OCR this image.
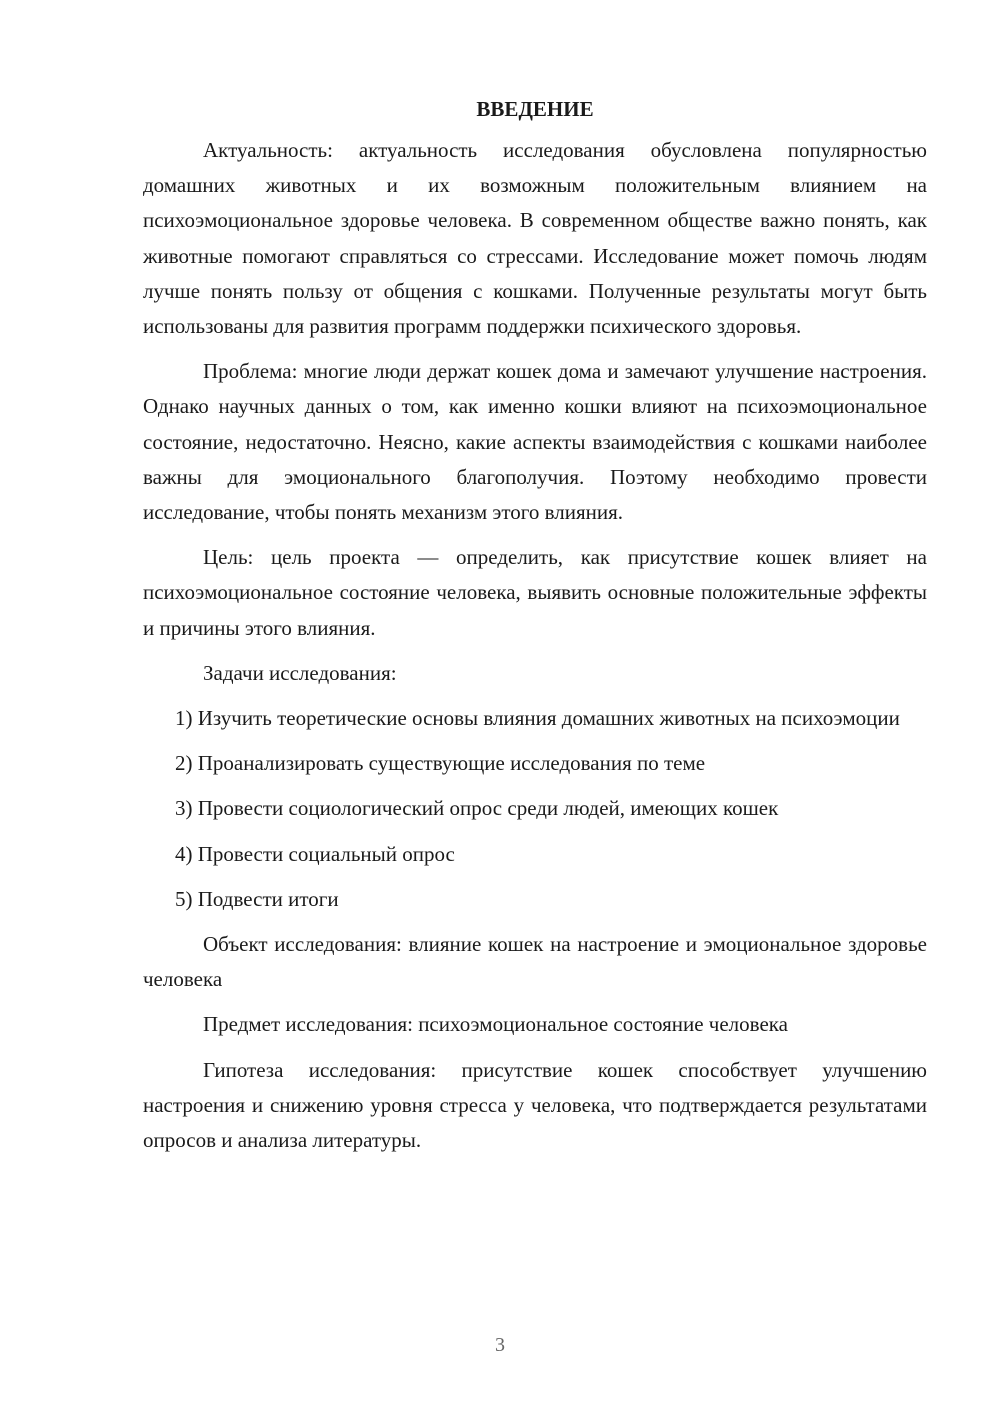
ВВЕДЕНИЕ

Актуальность: актуальность исследования обусловлена популярностью домашних животных и их возможным положительным влиянием на психоэмоциональное здоровье человека. В современном обществе важно понять, как животные помогают справляться со стрессами. Исследование может помочь людям лучше понять пользу от общения с кошками. Полученные результаты могут быть использованы для развития программ поддержки психического здоровья.

Проблема: многие люди держат кошек дома и замечают улучшение настроения. Однако научных данных о том, как именно кошки влияют на психоэмоциональное состояние, недостаточно. Неясно, какие аспекты взаимодействия с кошками наиболее важны для эмоционального благополучия. Поэтому необходимо провести исследование, чтобы понять механизм этого влияния.

Цель: цель проекта — определить, как присутствие кошек влияет на психоэмоциональное состояние человека, выявить основные положительные эффекты и причины этого влияния.

Задачи исследования:

1) Изучить теоретические основы влияния домашних животных на психоэмоции

2) Проанализировать существующие исследования по теме

3) Провести социологический опрос среди людей, имеющих кошек

4) Провести социальный опрос

5) Подвести итоги

Объект исследования: влияние кошек на настроение и эмоциональное здоровье человека

Предмет исследования: психоэмоциональное состояние человека

Гипотеза исследования: присутствие кошек способствует улучшению настроения и снижению уровня стресса у человека, что подтверждается результатами опросов и анализа литературы.

3
